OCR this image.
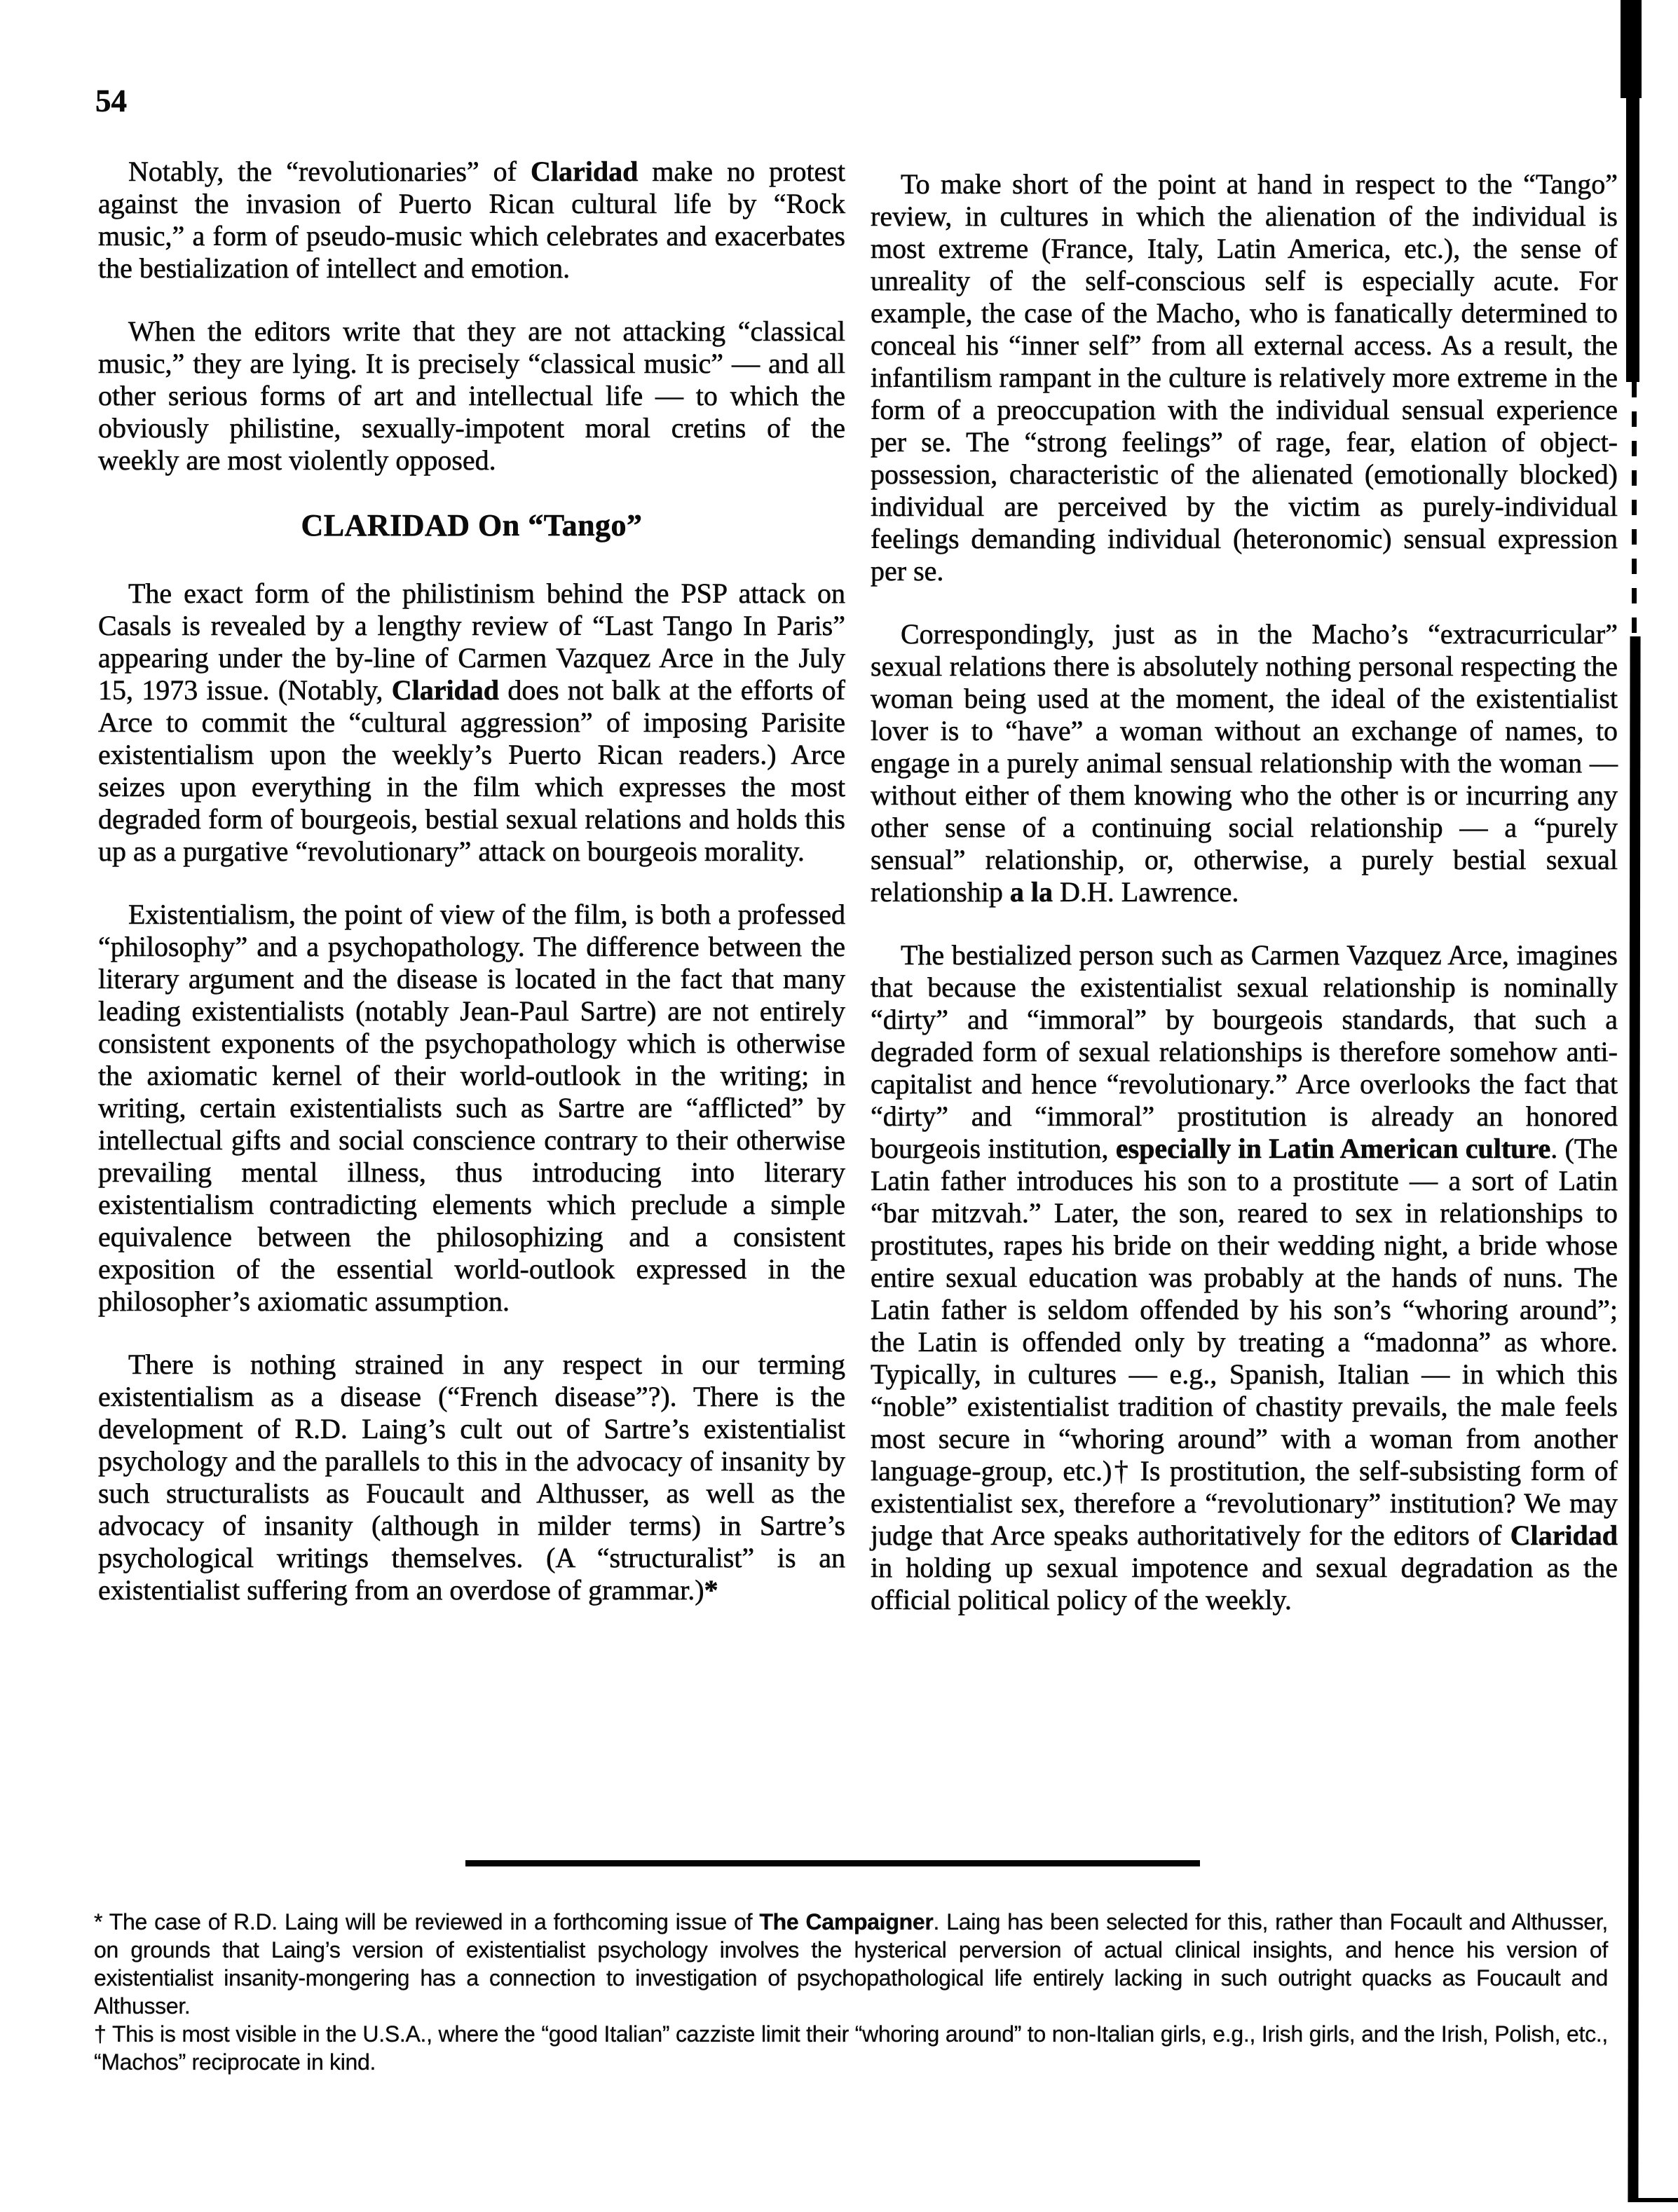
54

Notably, the “revolutionaries” of Claridad make no protest against the invasion of Puerto Rican cultural life by “Rock music,” a form of pseudo-music which celebrates and exacerbates the bestialization of intellect and emotion.

When the editors write that they are not attacking “classical music,” they are lying. It is precisely “classical music” — and all other serious forms of art and intellectual life — to which the obviously philistine, sexually-impotent moral cretins of the weekly are most violently opposed.

CLARIDAD On “Tango”

The exact form of the philistinism behind the PSP attack on Casals is revealed by a lengthy review of “Last Tango In Paris” appearing under the by-line of Carmen Vazquez Arce in the July 15, 1973 issue. (Notably, Claridad does not balk at the efforts of Arce to commit the “cultural aggression” of imposing Parisite existentialism upon the weekly’s Puerto Rican readers.) Arce seizes upon everything in the film which expresses the most degraded form of bourgeois, bestial sexual relations and holds this up as a purgative “revolutionary” attack on bourgeois morality.

Existentialism, the point of view of the film, is both a professed “philosophy” and a psychopathology. The difference between the literary argument and the disease is located in the fact that many leading existentialists (notably Jean-Paul Sartre) are not entirely consistent exponents of the psychopathology which is otherwise the axiomatic kernel of their world-outlook in the writing; in writing, certain existentialists such as Sartre are “afflicted” by intellectual gifts and social conscience contrary to their otherwise prevailing mental illness, thus introducing into literary existentialism contradicting elements which preclude a simple equivalence between the philosophizing and a consistent exposition of the essential world-outlook expressed in the philosopher’s axiomatic assumption.

There is nothing strained in any respect in our terming existentialism as a disease (“French disease”?). There is the development of R.D. Laing’s cult out of Sartre’s existentialist psychology and the parallels to this in the advocacy of insanity by such structuralists as Foucault and Althusser, as well as the advocacy of insanity (although in milder terms) in Sartre’s psychological writings themselves. (A “structuralist” is an existentialist suffering from an overdose of grammar.)*

To make short of the point at hand in respect to the “Tango” review, in cultures in which the alienation of the individual is most extreme (France, Italy, Latin America, etc.), the sense of unreality of the self-conscious self is especially acute. For example, the case of the Macho, who is fanatically determined to conceal his “inner self” from all external access. As a result, the infantilism rampant in the culture is relatively more extreme in the form of a preoccupation with the individual sensual experience per se. The “strong feelings” of rage, fear, elation of object-possession, characteristic of the alienated (emotionally blocked) individual are perceived by the victim as purely-individual feelings demanding individual (heteronomic) sensual expression per se.

Correspondingly, just as in the Macho’s “extracurricular” sexual relations there is absolutely nothing personal respecting the woman being used at the moment, the ideal of the existentialist lover is to “have” a woman without an exchange of names, to engage in a purely animal sensual relationship with the woman — without either of them knowing who the other is or incurring any other sense of a continuing social relationship — a “purely sensual” relationship, or, otherwise, a purely bestial sexual relationship a la D.H. Lawrence.

The bestialized person such as Carmen Vazquez Arce, imagines that because the existentialist sexual relationship is nominally “dirty” and “immoral” by bourgeois standards, that such a degraded form of sexual relationships is therefore somehow anti-capitalist and hence “revolutionary.” Arce overlooks the fact that “dirty” and “immoral” prostitution is already an honored bourgeois institution, especially in Latin American culture. (The Latin father introduces his son to a prostitute — a sort of Latin “bar mitzvah.” Later, the son, reared to sex in relationships to prostitutes, rapes his bride on their wedding night, a bride whose entire sexual education was probably at the hands of nuns. The Latin father is seldom offended by his son’s “whoring around”; the Latin is offended only by treating a “madonna” as whore. Typically, in cultures — e.g., Spanish, Italian — in which this “noble” existentialist tradition of chastity prevails, the male feels most secure in “whoring around” with a woman from another language-group, etc.)† Is prostitution, the self-subsisting form of existentialist sex, therefore a “revolutionary” institution? We may judge that Arce speaks authoritatively for the editors of Claridad in holding up sexual impotence and sexual degradation as the official political policy of the weekly.

* The case of R.D. Laing will be reviewed in a forthcoming issue of The Campaigner. Laing has been selected for this, rather than Focault and Althusser, on grounds that Laing’s version of existentialist psychology involves the hysterical perversion of actual clinical insights, and hence his version of existentialist insanity-mongering has a connection to investigation of psychopathological life entirely lacking in such outright quacks as Foucault and Althusser.

† This is most visible in the U.S.A., where the “good Italian” cazziste limit their “whoring around” to non-Italian girls, e.g., Irish girls, and the Irish, Polish, etc., “Machos” reciprocate in kind.
